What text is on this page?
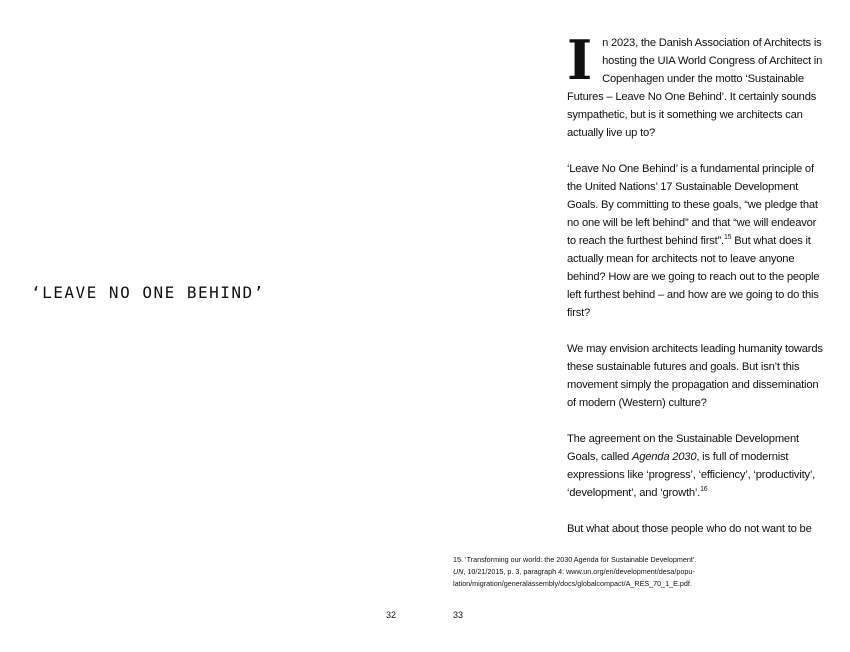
‘LEAVE NO ONE BEHIND’
32

In 2023, the Danish Association of Architects is hosting the UIA World Congress of Architect in Copenhagen under the motto ‘Sustainable Futures – Leave No One Behind’. It certainly sounds sympathetic, but is it something we architects can actually live up to?

‘Leave No One Behind’ is a fundamental principle of the United Nations’ 17 Sustainable Development Goals. By committing to these goals, “we pledge that no one will be left behind” and that “we will endeavor to reach the furthest behind first”.$^{15}$ But what does it actually mean for architects not to leave anyone behind? How are we going to reach out to the people left furthest behind – and how are we going to do this first?

We may envision architects leading humanity towards these sustainable futures and goals. But isn’t this movement simply the propagation and dissemination of modern (Western) culture?

The agreement on the Sustainable Development Goals, called Agenda 2030, is full of modernist expressions like ‘progress’, ‘efficiency’, ‘productivity’, ‘development’, and ‘growth’.$^{16}$

But what about those people who do not want to be

15. ‘Transforming our world: the 2030 Agenda for Sustainable Development’.
UN, 10/21/2015, p. 3, paragraph 4: www.un.org/en/development/desa/popu-
lation/migration/generalassembly/docs/globalcompact/A_RES_70_1_E.pdf.
33
